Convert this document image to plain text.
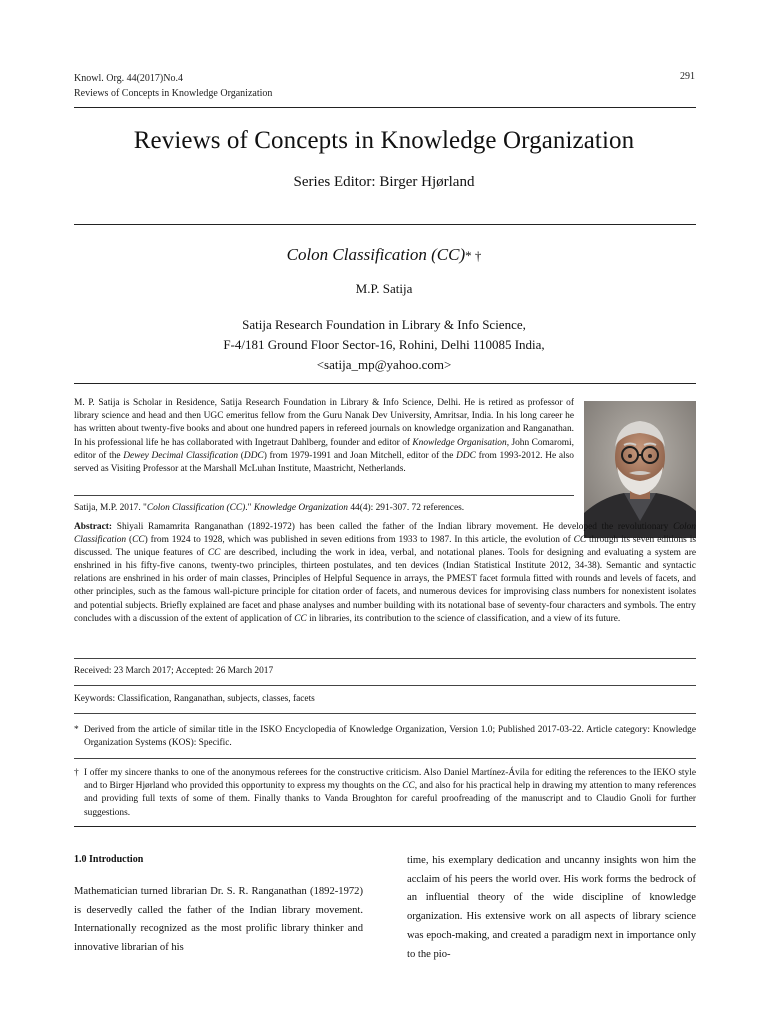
Knowl. Org. 44(2017)No.4
Reviews of Concepts in Knowledge Organization
291
Reviews of Concepts in Knowledge Organization
Series Editor: Birger Hjørland
Colon Classification (CC)* †
M.P. Satija
Satija Research Foundation in Library & Info Science,
F-4/181 Ground Floor Sector-16, Rohini, Delhi 110085 India,
<satija_mp@yahoo.com>
M. P. Satija is Scholar in Residence, Satija Research Foundation in Library & Info Science, Delhi. He is retired as professor of library science and head and then UGC emeritus fellow from the Guru Nanak Dev University, Amritsar, India. In his long career he has written about twenty-five books and about one hundred papers in refereed journals on knowledge organization and Ranganathan. In his professional life he has collaborated with Ingetraut Dahlberg, founder and editor of Knowledge Organisation, John Comaromi, editor of the Dewey Decimal Classification (DDC) from 1979-1991 and Joan Mitchell, editor of the DDC from 1993-2012. He also served as Visiting Professor at the Marshall McLuhan Institute, Maastricht, Netherlands.
Satija, M.P. 2017. "Colon Classification (CC)." Knowledge Organization 44(4): 291-307. 72 references.
Abstract: Shiyali Ramamrita Ranganathan (1892-1972) has been called the father of the Indian library movement. He developed the revolutionary Colon Classification (CC) from 1924 to 1928, which was published in seven editions from 1933 to 1987. In this article, the evolution of CC through its seven editions is discussed. The unique features of CC are described, including the work in idea, verbal, and notational planes. Tools for designing and evaluating a system are enshrined in his fifty-five canons, twenty-two principles, thirteen postulates, and ten devices (Indian Statistical Institute 2012, 34-38). Semantic and syntactic relations are enshrined in his order of main classes, Principles of Helpful Sequence in arrays, the PMEST facet formula fitted with rounds and levels of facets, and other principles, such as the famous wall-picture principle for citation order of facets, and numerous devices for improvising class numbers for nonexistent isolates and potential subjects. Briefly explained are facet and phase analyses and number building with its notational base of seventy-four characters and symbols. The entry concludes with a discussion of the extent of application of CC in libraries, its contribution to the science of classification, and a view of its future.
Received: 23 March 2017; Accepted: 26 March 2017
Keywords: Classification, Ranganathan, subjects, classes, facets
* Derived from the article of similar title in the ISKO Encyclopedia of Knowledge Organization, Version 1.0; Published 2017-03-22. Article category: Knowledge Organization Systems (KOS): Specific.
† I offer my sincere thanks to one of the anonymous referees for the constructive criticism. Also Daniel Martínez-Ávila for editing the references to the IEKO style and to Birger Hjørland who provided this opportunity to express my thoughts on the CC, and also for his practical help in drawing my attention to many references and providing full texts of some of them. Finally thanks to Vanda Broughton for careful proofreading of the manuscript and to Claudio Gnoli for further suggestions.
1.0 Introduction
Mathematician turned librarian Dr. S. R. Ranganathan (1892-1972) is deservedly called the father of the Indian library movement. Internationally recognized as the most prolific library thinker and innovative librarian of his
time, his exemplary dedication and uncanny insights won him the acclaim of his peers the world over. His work forms the bedrock of an influential theory of the wide discipline of knowledge organization. His extensive work on all aspects of library science was epoch-making, and created a paradigm next in importance only to the pio-
